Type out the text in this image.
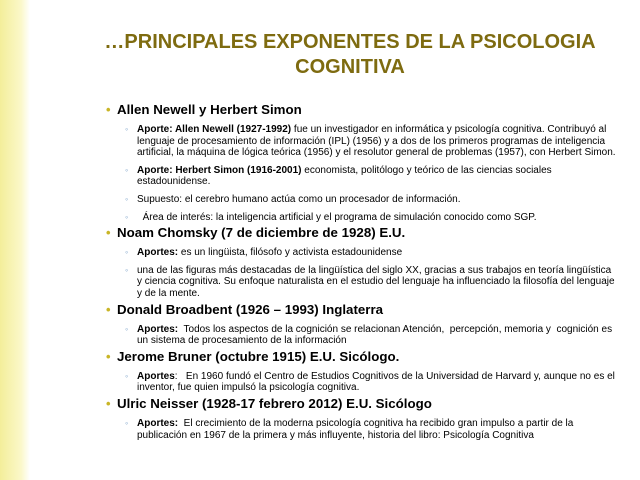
…PRINCIPALES EXPONENTES DE LA PSICOLOGIA
COGNITIVA
• Allen Newell y Herbert Simon
◦ Aporte: Allen Newell (1927-1992) fue un investigador en informática y psicología cognitiva. Contribuyó al lenguaje de procesamiento de información (IPL) (1956) y a dos de los primeros programas de inteligencia artificial, la máquina de lógica teórica (1956) y el resolutor general de problemas (1957), con Herbert Simon.
◦ Aporte: Herbert Simon (1916-2001) economista, politólogo y teórico de las ciencias sociales estadounidense.
◦ Supuesto: el cerebro humano actúa como un procesador de información.
◦ Área de interés: la inteligencia artificial y el programa de simulación conocido como SGP.
• Noam Chomsky (7 de diciembre de 1928) E.U.
◦ Aportes: es un lingüista, filósofo y activista estadounidense
◦ una de las figuras más destacadas de la lingüística del siglo XX, gracias a sus trabajos en teoría lingüística y ciencia cognitiva. Su enfoque naturalista en el estudio del lenguaje ha influenciado la filosofía del lenguaje y de la mente.
• Donald Broadbent (1926 – 1993) Inglaterra
◦ Aportes:  Todos los aspectos de la cognición se relacionan Atención,  percepción, memoria y  cognición es un sistema de procesamiento de la información
• Jerome Bruner (octubre 1915) E.U. Sicólogo.
◦ Aportes:   En 1960 fundó el Centro de Estudios Cognitivos de la Universidad de Harvard y, aunque no es el inventor, fue quien impulsó la psicología cognitiva.
• Ulric Neisser (1928-17 febrero 2012) E.U. Sicólogo
◦ Aportes:  El crecimiento de la moderna psicología cognitiva ha recibido gran impulso a partir de la publicación en 1967 de la primera y más influyente, historia del libro: Psicología Cognitiva
